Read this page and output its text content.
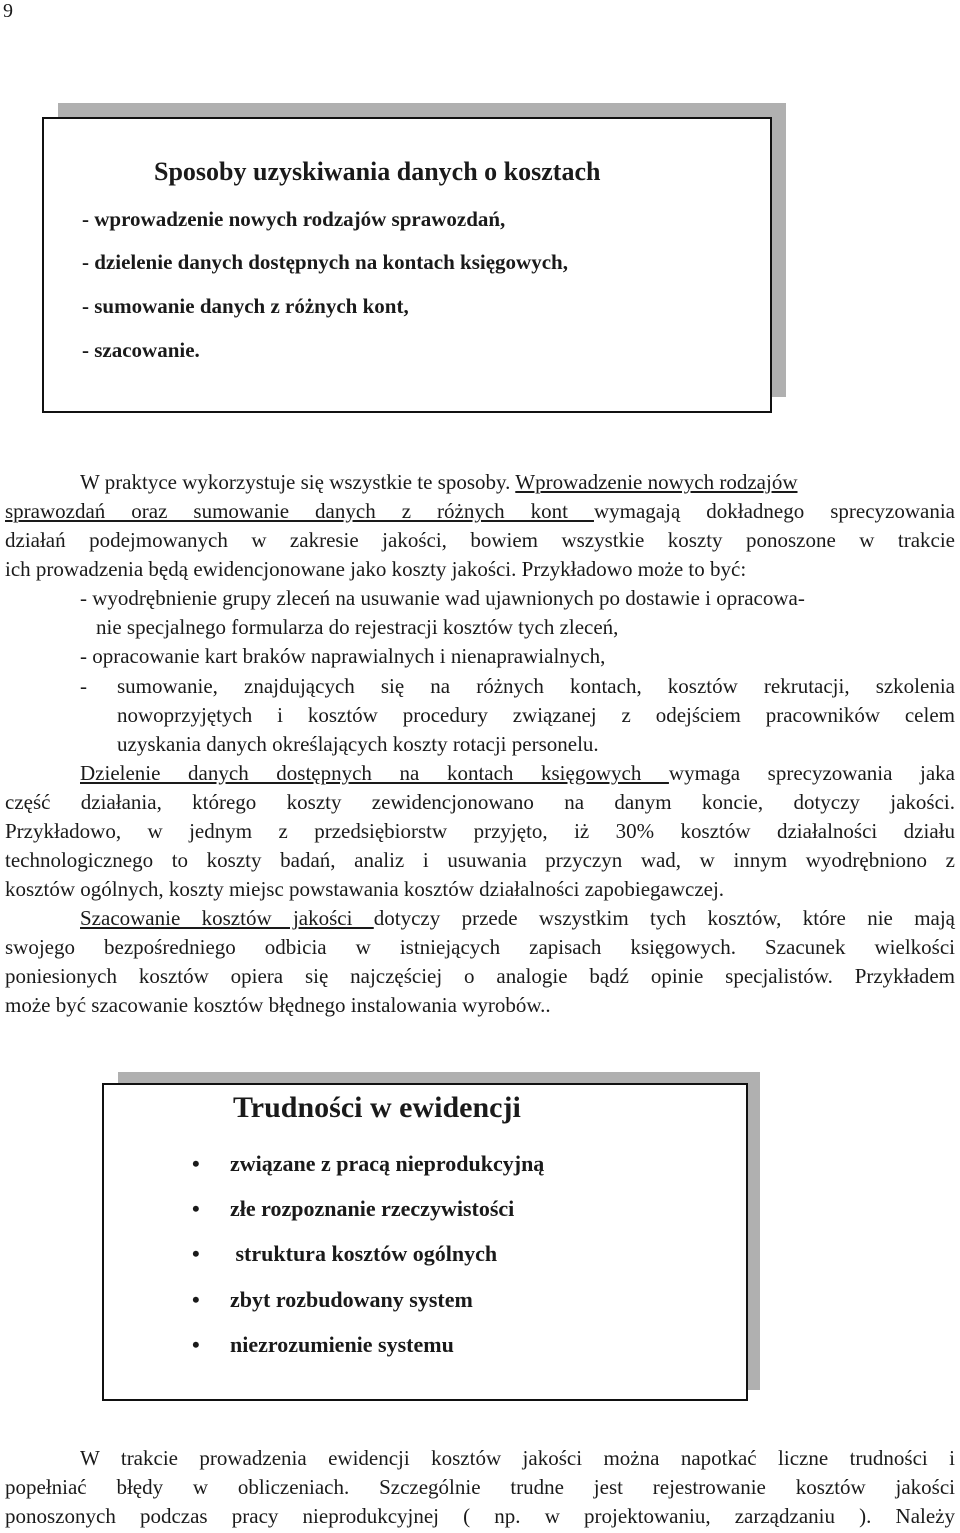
9
Sposoby uzyskiwania danych o kosztach
- wprowadzenie nowych rodzajów sprawozdań,
- dzielenie danych dostępnych na kontach księgowych,
- sumowanie danych z różnych kont,
- szacowanie.
W praktyce wykorzystuje się wszystkie te sposoby. Wprowadzenie nowych rodzajów
sprawozdań oraz sumowanie danych z różnych kont wymagają dokładnego sprecyzowania
działań podejmowanych w zakresie jakości, bowiem wszystkie koszty ponoszone w trakcie
ich prowadzenia będą ewidencjonowane jako koszty jakości. Przykładowo może to być:
- wyodrębnienie grupy zleceń na usuwanie wad ujawnionych po dostawie i opracowa-
nie specjalnego formularza do rejestracji kosztów tych zleceń,
- opracowanie kart braków naprawialnych i nienaprawialnych,
- sumowanie, znajdujących się na różnych kontach, kosztów rekrutacji, szkolenia
nowoprzyjętych i kosztów procedury związanej z odejściem pracowników celem
uzyskania danych określających koszty rotacji personelu.
Dzielenie danych dostępnych na kontach księgowych wymaga sprecyzowania jaka
część działania, którego koszty zewidencjonowano na danym koncie, dotyczy jakości.
Przykładowo, w jednym z przedsiębiorstw przyjęto, iż 30% kosztów działalności działu
technologicznego to koszty badań, analiz i usuwania przyczyn wad, w innym wyodrębniono z
kosztów ogólnych, koszty miejsc powstawania kosztów działalności zapobiegawczej.
Szacowanie kosztów jakości dotyczy przede wszystkim tych kosztów, które nie mają
swojego bezpośredniego odbicia w istniejących zapisach księgowych. Szacunek wielkości
poniesionych kosztów opiera się najczęściej o analogie bądź opinie specjalistów. Przykładem
może być szacowanie kosztów błędnego instalowania wyrobów..
Trudności w ewidencji
• związane z pracą nieprodukcyjną
• złe rozpoznanie rzeczywistości
• struktura kosztów ogólnych
• zbyt rozbudowany system
• niezrozumienie systemu
W trakcie prowadzenia ewidencji kosztów jakości można napotkać liczne trudności i
popełniać błędy w obliczeniach. Szczególnie trudne jest rejestrowanie kosztów jakości
ponoszonych podczas pracy nieprodukcyjnej ( np. w projektowaniu, zarządzaniu ). Należy
